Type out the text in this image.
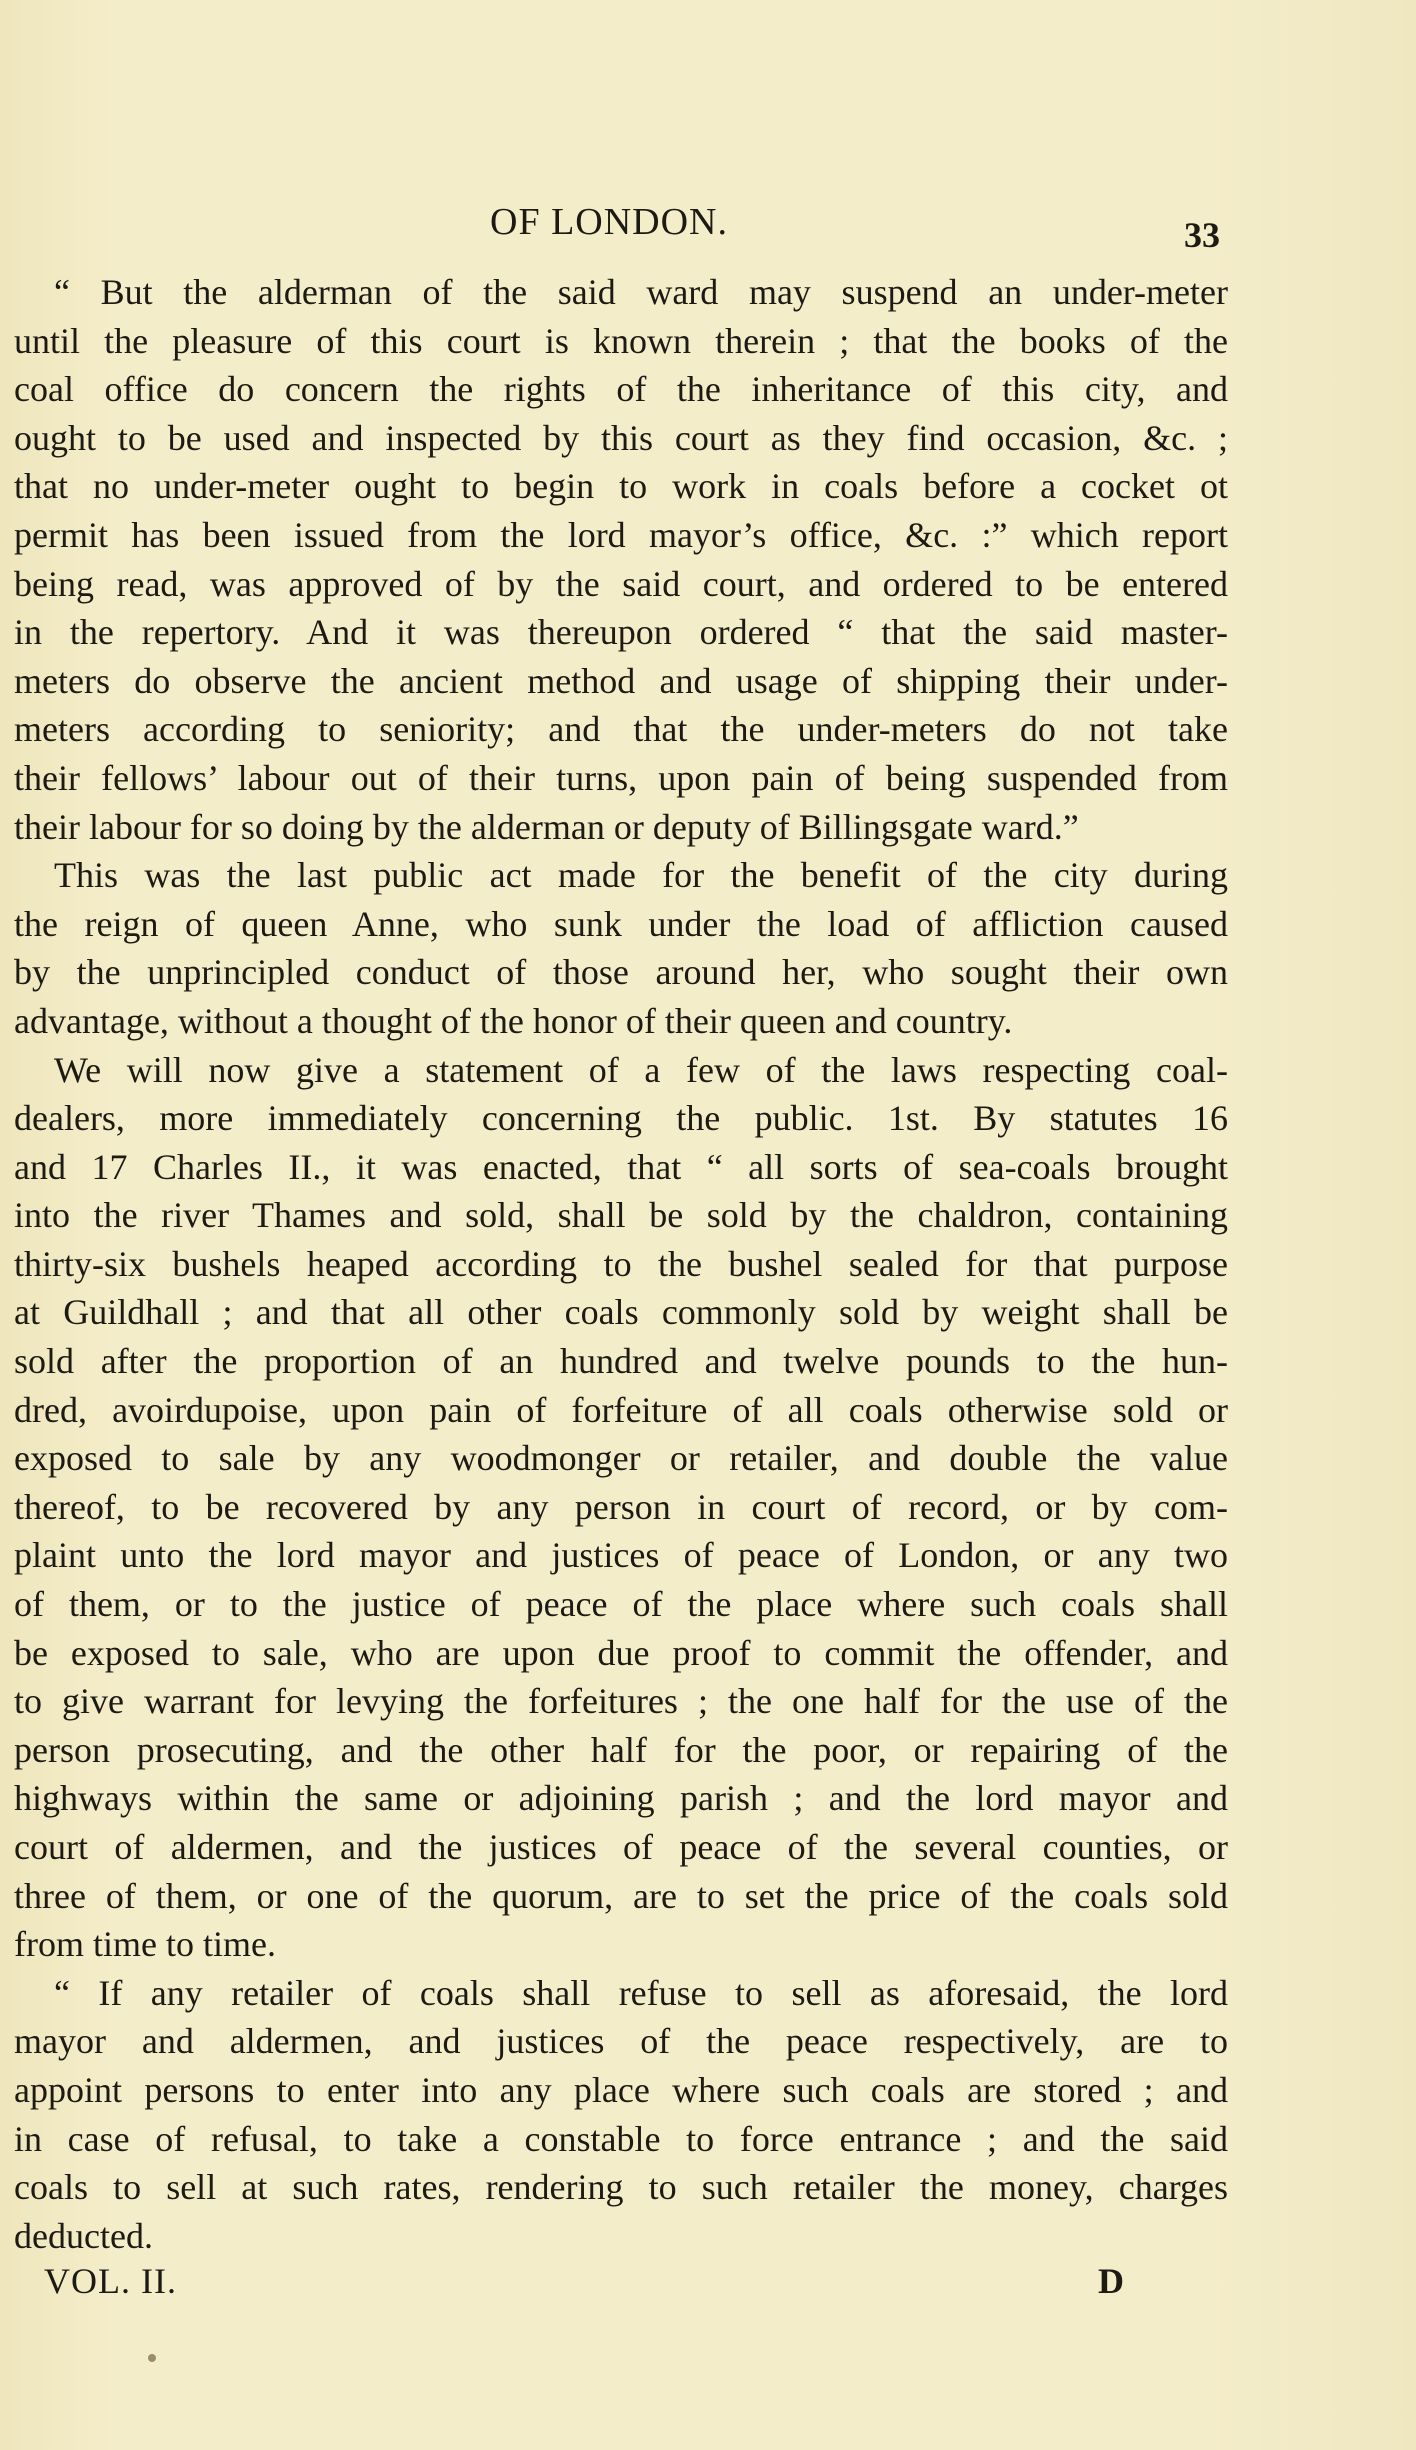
OF LONDON.	33
“ But the alderman of the said ward may suspend an under-meter
until the pleasure of this court is known therein ; that the books of the
coal office do concern the rights of the inheritance of this city, and
ought to be used and inspected by this court as they find occasion, &c. ;
that no under-meter ought to begin to work in coals before a cocket ot
permit has been issued from the lord mayor’s office, &c. :” which report
being read, was approved of by the said court, and ordered to be entered
in the repertory. And it was thereupon ordered “ that the said master-
meters do observe the ancient method and usage of shipping their under-
meters according to seniority; and that the under-meters do not take
their fellows’ labour out of their turns, upon pain of being suspended from
their labour for so doing by the alderman or deputy of Billingsgate ward.”
This was the last public act made for the benefit of the city during
the reign of queen Anne, who sunk under the load of affliction caused
by the unprincipled conduct of those around her, who sought their own
advantage, without a thought of the honor of their queen and country.
We will now give a statement of a few of the laws respecting coal-
dealers, more immediately concerning the public. 1st. By statutes 16
and 17 Charles II., it was enacted, that “ all sorts of sea-coals brought
into the river Thames and sold, shall be sold by the chaldron, containing
thirty-six bushels heaped according to the bushel sealed for that purpose
at Guildhall ; and that all other coals commonly sold by weight shall be
sold after the proportion of an hundred and twelve pounds to the hun-
dred, avoirdupoise, upon pain of forfeiture of all coals otherwise sold or
exposed to sale by any woodmonger or retailer, and double the value
thereof, to be recovered by any person in court of record, or by com-
plaint unto the lord mayor and justices of peace of London, or any two
of them, or to the justice of peace of the place where such coals shall
be exposed to sale, who are upon due proof to commit the offender, and
to give warrant for levying the forfeitures ; the one half for the use of the
person prosecuting, and the other half for the poor, or repairing of the
highways within the same or adjoining parish ; and the lord mayor and
court of aldermen, and the justices of peace of the several counties, or
three of them, or one of the quorum, are to set the price of the coals sold
from time to time.
“ If any retailer of coals shall refuse to sell as aforesaid, the lord
mayor and aldermen, and justices of the peace respectively, are to
appoint persons to enter into any place where such coals are stored ; and
in case of refusal, to take a constable to force entrance ; and the said
coals to sell at such rates, rendering to such retailer the money, charges
deducted.
VOL. II.	D
